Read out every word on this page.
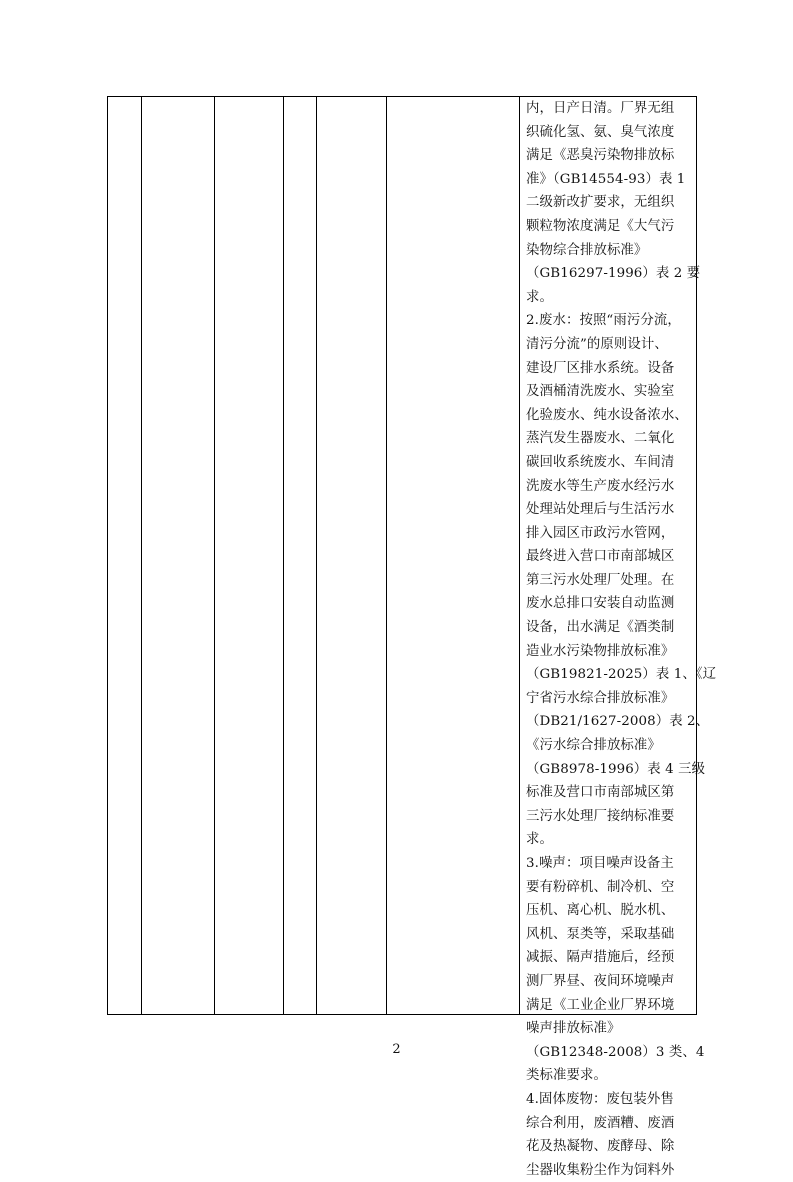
内，日产日清。厂界无组
织硫化氢、氨、臭气浓度
满足《恶臭污染物排放标
准》（GB14554-93）表 1
二级新改扩要求，无组织
颗粒物浓度满足《大气污
染物综合排放标准》
（GB16297-1996）表 2 要
求。
2.废水：按照“雨污分流，
清污分流”的原则设计、
建设厂区排水系统。设备
及酒桶清洗废水、实验室
化验废水、纯水设备浓水、
蒸汽发生器废水、二氧化
碳回收系统废水、车间清
洗废水等生产废水经污水
处理站处理后与生活污水
排入园区市政污水管网，
最终进入营口市南部城区
第三污水处理厂处理。在
废水总排口安装自动监测
设备，出水满足《酒类制
造业水污染物排放标准》
（GB19821-2025）表 1、《辽
宁省污水综合排放标准》
（DB21/1627-2008）表 2、
《污水综合排放标准》
（GB8978-1996）表 4 三级
标准及营口市南部城区第
三污水处理厂接纳标准要
求。
3.噪声：项目噪声设备主
要有粉碎机、制冷机、空
压机、离心机、脱水机、
风机、泵类等，采取基础
减振、隔声措施后，经预
测厂界昼、夜间环境噪声
满足《工业企业厂界环境
噪声排放标准》
（GB12348-2008）3 类、4
类标准要求。
4.固体废物：废包装外售
综合利用，废酒糟、废酒
花及热凝物、废酵母、除
尘器收集粉尘作为饲料外
2
